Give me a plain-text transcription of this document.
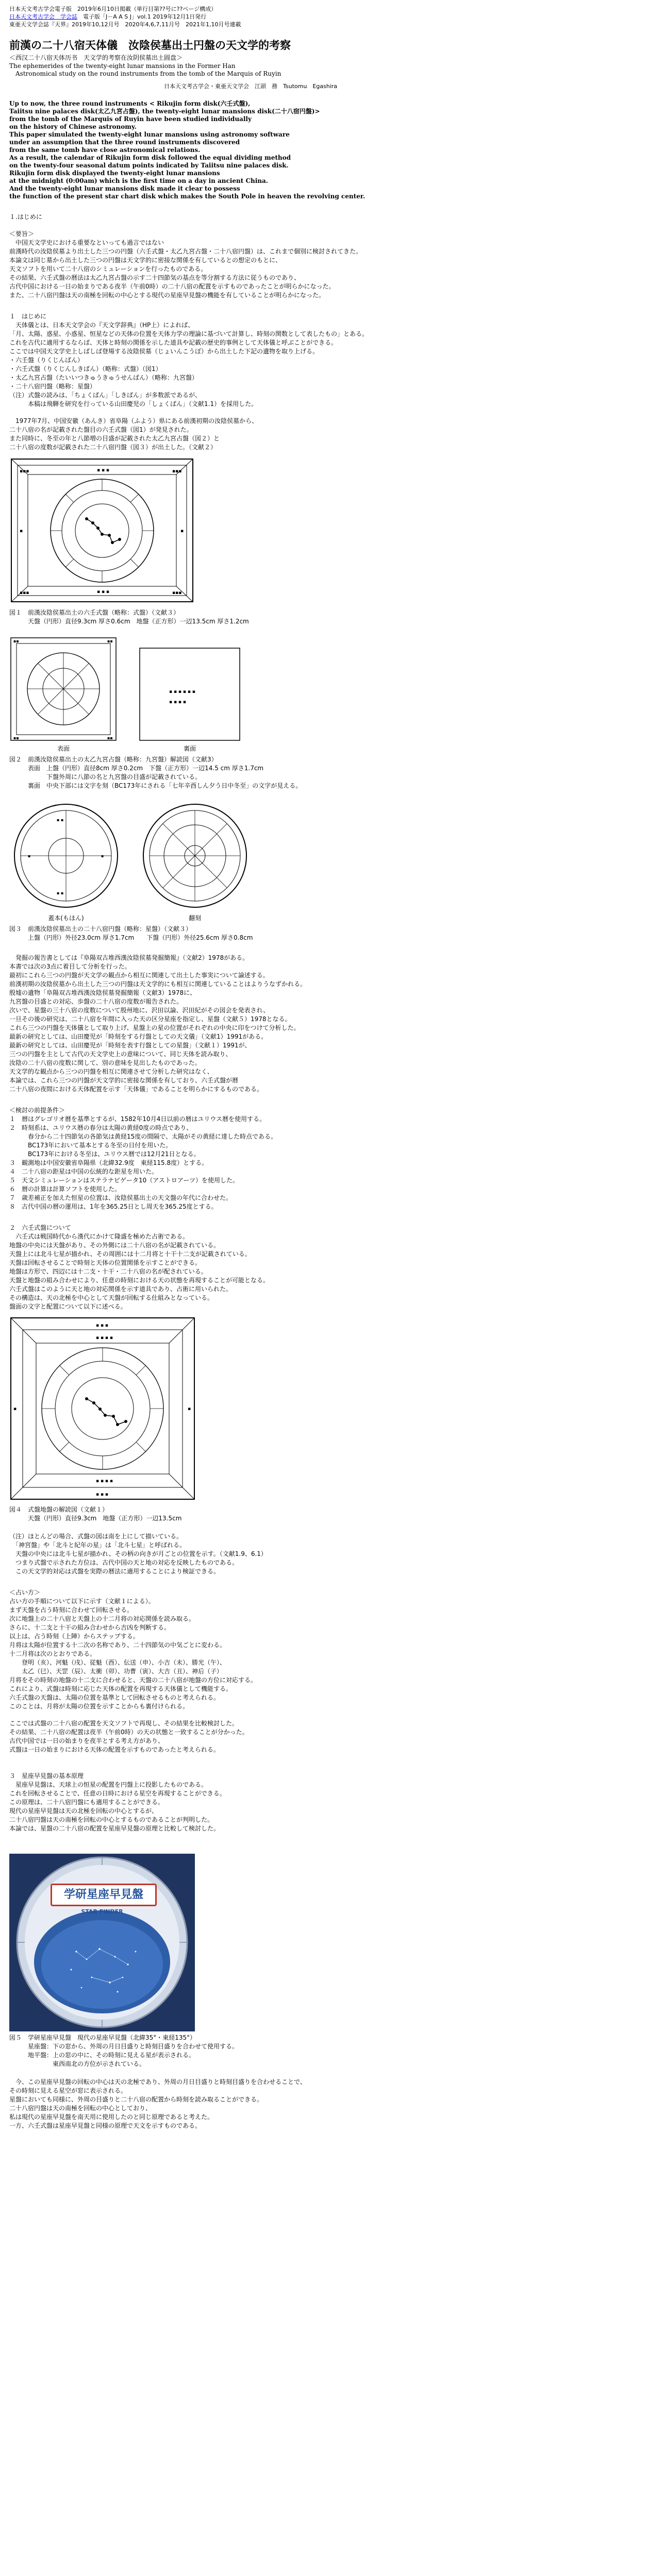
日本天文考古学会電子版　2019年6月10日掲載（単行目第??号に??ページ構成）
日本天文考古学会　学会誌　 電子版「J－A A S J」vol.1 2019年12月1日発行
東亜天文学会誌『天界』2019年10,12月号　2020年4,6,7,11月号　2021年1,10月号連載
前漢の二十八宿天体儀　汝陰侯墓出土円盤の天文学的考察
＜西汉二十八宿天体历书　天文学的考察在汝阴侯墓出土圆盘＞
The ephemerides of the twenty-eight lunar mansions in the Former Han
　Astronomical study on the round instruments from the tomb of the Marquis of Ruyin
日本天文考古学会・東亜天文学会　江頭　務　Tsutomu　Egashira
Up to now, the three round instruments < Rikujin form disk(六壬式盤),
Taiitsu nine palaces disk(太乙九宮占盤), the twenty-eight lunar mansions disk(二十八宿円盤)>
from the tomb of the Marquis of Ruyin have been studied individually
on the history of Chinese astronomy.
This paper simulated the twenty-eight lunar mansions using astronomy software
under an assumption that the three round instruments discovered
from the same tomb have close astronomical relations.
As a result, the calendar of Rikujin form disk followed the equal dividing method
on the twenty-four seasonal datum points indicated by Taiitsu nine palaces disk.
Rikujin form disk displayed the twenty-eight lunar mansions
at the midnight (0:00am) which is the first time on a day in ancient China.
And the twenty-eight lunar mansions disk made it clear to possess
the function of the present star chart disk which makes the South Pole in heaven the revolving center.

１.はじめに

＜要旨＞

　中国天文学史における重要なといっても過言ではない

前漢時代の汝陰侯墓より出土した三つの円盤（六壬式盤・太乙九宮占盤・二十八宿円盤）は、これまで個別に検討されてきた。

本論文は同じ墓から出土した三つの円盤は天文学的に密接な関係を有しているとの想定のもとに、

天文ソフトを用いて二十八宿のシミュレーションを行ったものである。

その結果、六壬式盤の暦法は太乙九宮占盤の示す二十四節気の基点を等分割する方法に従うものであり、

古代中国における一日の始まりである夜半（午前0時）の二十八宿の配置を示すものであったことが明らかになった。

また、二十八宿円盤は天の南極を回転の中心とする現代の星座早見盤の機能を有していることが明らかになった。

１　はじめに

　天体儀とは、日本天文学会の『天文学辞典』（HP上）によれば、

「月、太陽、惑星、小惑星、恒星などの天体の位置を天体力学の理論に基づいて計算し、時刻の関数として表したもの」とある。

これを古代に適用するならば、天体と時刻の関係を示した道具や記載の歴史的事例として天体儀と呼ぶことができる。

ここでは中国天文学史上しばしば登場する汝陰侯墓（じょいんこうぼ）から出土した下記の遺物を取り上げる。

・六壬盤（りくじんばん）

・六壬式盤（りくじんしきばん）（略称：式盤）（図1）

・太乙九宮占盤（たいいつきゅうきゅうせんばん）（略称：九宮盤）

・二十八宿円盤（略称：星盤）

（注）式盤の読みは、「ちょくばん」「しきばん」が多数派であるが、

　　　本稿は飛騨を研究を行っている山田慶児の「しょくばん」（文献1.1）を採用した。

　1977年7月、中国安徽（あんき）省阜陽（ふよう）県にある前漢初期の汝陰侯墓から、

二十八宿の名が記載された盤目の六壬式盤（図1）が発見された。

また同時に、冬至の年と八節増の目盛が記載された太乙九宮占盤（図２）と

二十八宿の度数が記載された二十八宿円盤（図３）が出土した。（文献２）

▪▪▪	▪▪▪
▪▪▪	▪▪▪
▪ ▪ ▪
▪ ▪ ▪
▪	▪
図１　前漢汝陰侯墓出土の六壬式盤（略称：式盤）（文献３）
　　　天盤（円形）直径9.3cm 厚さ0.6cm　地盤（正方形）一辺13.5cm 厚さ1.2cm
▪▪	▪▪
▪▪	▪▪
表面
▪ ▪ ▪ ▪ ▪ ▪
▪ ▪ ▪ ▪
裏面
図２　前漢汝陰侯墓出土の太乙九宮占盤（略称：九宮盤）解読図（文献3）
　　　表面　上盤（円形）直径8cm 厚さ0.2cm　下盤（正方形）一辺14.5 cm 厚さ1.7cm
　　　　　　下盤外周に八節の名と九宮盤の目盛が記載されている。
　　　裏面　中央下部には文字を刻（BC173年にされる「七年辛酉しん夕う日中冬至」の文字が見える。
▪ ▪
▪ ▪
▪	▪
蓋本(もほん)	翻刻
図３　前漢汝陰侯墓出土の二十八宿円盤（略称：星盤）（文献３）
　　　上盤（円形）外径23.0cm 厚さ1.7cm　　下盤（円形）外径25.6cm 厚さ0.8cm

　発掘の報告書としては『阜陽双古堆西漢汝陰侯墓発掘簡報』（文献2）1978がある。

本書では次の3点に着目して分析を行った。

最初にこれら三つの円盤が天文学の観点から相互に関連して出土した事実について論述する。

前漢初期の汝陰侯墓から出土した三つの円盤は天文学的にも相互に関連していることはよりうなずかれる。

殷墟の遺物「阜陽双古堆西漢汝陰侯墓発掘簡報（文献3）1978に、

九宮盤の目盛との対応、歩盤の二十八宿の度数が報告された。

次いで、星盤の三十八宿の度数について殷州地に、沢田以論、沢田紀がその図会を発表され、

一旦その後の研究は、二十八宿を年間に入った天の区分星座を指定し、星盤（文献５）1978となる。

これら三つの円盤を天体儀として取り上げ、星盤上の星の位置がそれぞれの中央に印をつけて分析した。

最新の研究としては、山田慶児が「時刻をする行盤としての天文儀」（文献1）1991がある。

最新の研究としては、山田慶児が「時刻を表す行盤としての星盤」（文献１）1991が、

三つの円盤を主として古代の天文学史上の意味について、同じ天体を読み取り、

汝陰の二十八宿の度数に関して、別の意味を見出したものであった。

天文学的な観点から三つの円盤を相互に関連させて分析した研究はなく、

本論では、これら三つの円盤が天文学的に密接な関係を有しており、六壬式盤が暦

二十八宿の夜間における天体配置を示す「天体儀」であることを明らかにするものである。

＜検討の前提条件＞

１　暦はグレゴリオ暦を基準とするが、1582年10月4日以前の暦はユリウス暦を使用する。

２　時刻系は、ユリウス暦の春分は太陽の黄経0度の時点であり、

　　　春分から二十四節気の各節気は黄経15度の間隔で、太陽がその黄経に達した時点である。

　　　BC173年において基本とする冬至の日付を用いた。

　　　BC173年における冬至は、ユリウス暦では12月21日となる。

３　観測地は中国安徽省阜陽県（北緯32.9度　東経115.8度）とする。

４　二十八宿の距星は中国の伝統的な距星を用いた。

５　天文シミュレーションはステラナビゲータ10（アストロアーツ）を使用した。

６　暦の計算は計算ソフトを使用した。

７　歳差補正を加えた恒星の位置は、汝陰侯墓出土の天文盤の年代に合わせた。

８　古代中国の暦の運用は、1年を365.25日とし周天を365.25度とする。

２　六壬式盤について

　六壬式は戦国時代から漢代にかけて隆盛を極めた占術である。

地盤の中央には天盤があり、その外側には二十八宿の名が記載されている。

天盤上には北斗七星が描かれ、その周囲には十二月将と十干十二支が記載されている。

天盤は回転させることで時刻と天体の位置関係を示すことができる。

地盤は方形で、四辺には十二支・十干・二十八宿の名が配されている。

天盤と地盤の組み合わせにより、任意の時刻における天の状態を再現することが可能となる。

六壬式盤はこのように天と地の対応関係を示す道具であり、占術に用いられた。

その構造は、天の北極を中心として天盤が回転する仕組みとなっている。

盤面の文字と配置について以下に述べる。

▪ ▪ ▪
▪ ▪ ▪
▪	▪
▪ ▪ ▪ ▪
▪ ▪ ▪ ▪
図４　式盤地盤の解読図（文献１）
　　　天盤（円形）直径9.3cm　地盤（正方形）一辺13.5cm

（注）ほとんどの場合、式盤の図は南を上にして描いている。

　「神宮盤」や「北斗と紀年の星」は「北斗七星」と呼ばれる。

　天盤の中央には北斗七星が描かれ、その柄の向きが月ごとの位置を示す。（文献1.9、6.1）

　つまり式盤で示された方位は、古代中国の天と地の対応を反映したものである。

　この天文学的対応は式盤を実際の暦法に適用することにより検証できる。

＜占い方＞

占い方の手順について以下に示す（文献１による）。

まず天盤を占う時刻に合わせて回転させる。

次に地盤上の二十八宿と天盤上の十二月将の対応関係を読み取る。

さらに、十二支と十干の組み合わせから吉凶を判断する。

以上は、占う時刻（上陣）からステップする。

月将は太陽が位置する十二次の名称であり、二十四節気の中気ごとに変わる。

十二月将は次のとおりである。

　　登明（亥）、河魁（戌）、従魁（酉）、伝送（申）、小吉（未）、勝光（午）、

　　太乙（巳）、天罡（辰）、太衝（卯）、功曹（寅）、大吉（丑）、神后（子）

月将をその時刻の地盤の十二支に合わせると、天盤の二十八宿が地盤の方位に対応する。

これにより、式盤は時刻に応じた天体の配置を再現する天体儀として機能する。

六壬式盤の天盤は、太陽の位置を基準として回転させるものと考えられる。

このことは、月将が太陽の位置を示すことからも裏付けられる。

ここでは式盤の二十八宿の配置を天文ソフトで再現し、その結果を比較検討した。

その結果、二十八宿の配置は夜半（午前0時）の天の状態と一致することが分かった。

古代中国では一日の始まりを夜半とする考え方があり、

式盤は一日の始まりにおける天体の配置を示すものであったと考えられる。

３　星座早見盤の基本原理

　星座早見盤は、天球上の恒星の配置を円盤上に投影したものである。

これを回転させることで、任意の日時における星空を再現することができる。

この原理は、二十八宿円盤にも適用することができる。

現代の星座早見盤は天の北極を回転の中心とするが、

二十八宿円盤は天の南極を回転の中心とするものであることが判明した。

本論では、星盤の二十八宿の配置を星座早見盤の原理と比較して検討した。

学研星座早見盤
STAR FINDER
図５　学研星座早見盤　現代の星座早見盤（北緯35°・東経135°）
　　　星座盤：下の窓から、外周の月日目盛りと時刻目盛りを合わせて使用する。
　　　地平盤：上の窓の中に、その時刻に見える星が表示される。
　　　　　　　東西南北の方位が示されている。

　今、この星座早見盤の回転の中心は天の北極であり、外周の月日目盛りと時刻目盛りを合わせることで、

その時刻に見える星空が窓に表示される。

星盤においても同様に、外周の目盛りと二十八宿の配置から時刻を読み取ることができる。

二十八宿円盤は天の南極を回転の中心としており、

私は現代の星座早見盤を南天用に使用したのと同じ原理であると考えた。

一方、六壬式盤は星座早見盤と同様の原理で天文を示すものである。
